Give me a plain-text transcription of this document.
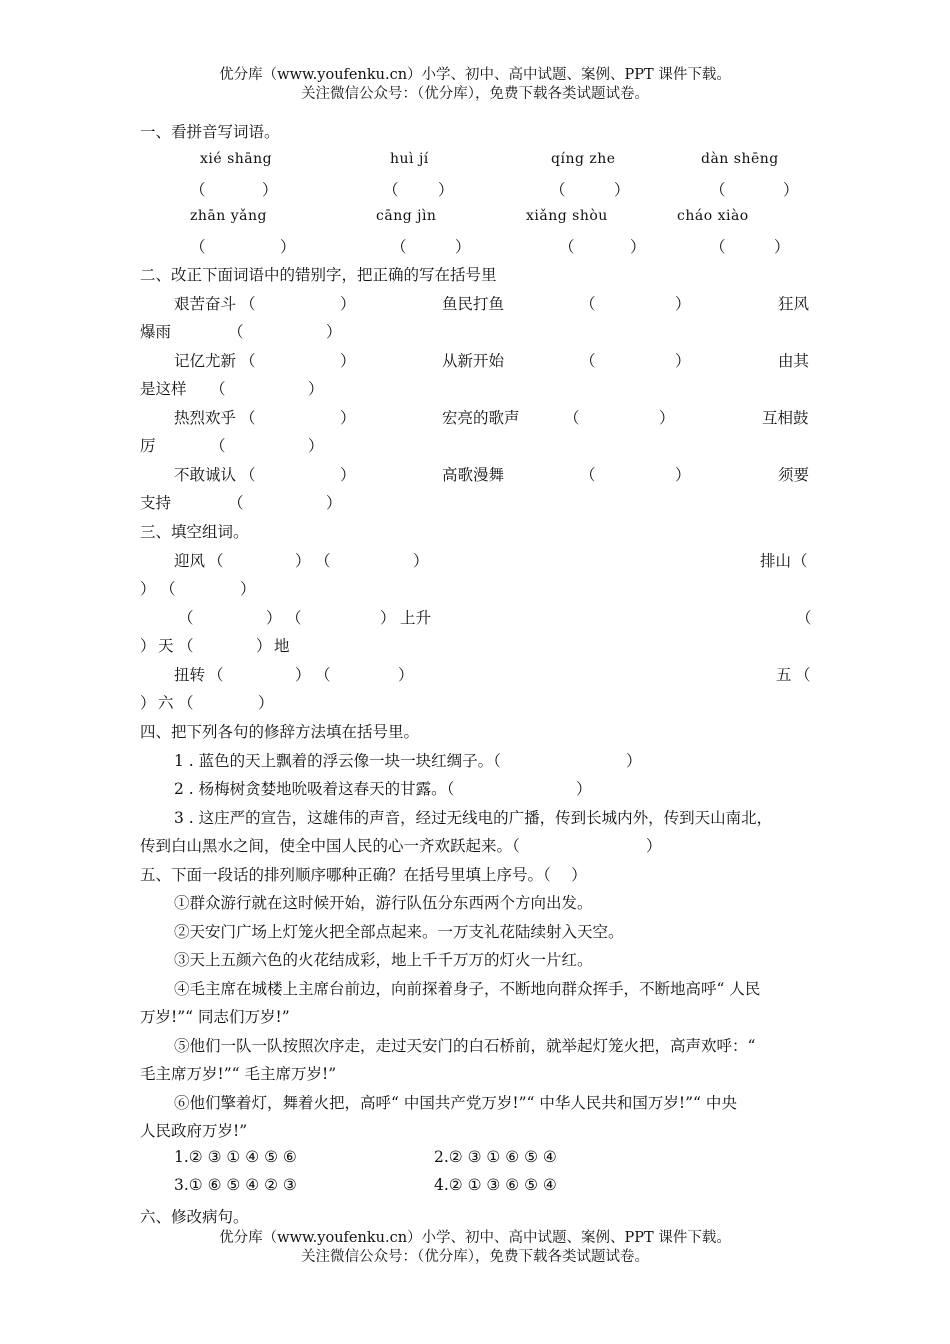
优分库（www.youfenku.cn）小学、初中、高中试题、案例、PPT 课件下载。
关注微信公众号：（优分库），免费下载各类试题试卷。
一、看拼音写词语。
xié shāng	huì jí	qíng zhe	dàn shēng
（	）	（	）	（	）	（	）
zhān yǎng	cāng jìn	xiǎng shòu	cháo xiào
（	）	（	）	（	）	（	）
二、改正下面词语中的错别字，把正确的写在括号里
艰苦奋斗 （	）	鱼民打鱼	（	）	狂风
爆雨	（	）
记亿尤新 （	）	从新开始	（	）	由其
是这样 （	）
热烈欢乎 （	）	宏亮的歌声	（	）	互相鼓
厉	（	）
不敢诚认 （	）	高歌漫舞	（	）	须要
支持	（	）
三、填空组词。
迎风 （	） （	）	排山 （
） （	）
（	） （	） 上升	（
） 天 （	） 地
扭转 （	） （	）	五 （
） 六 （	）
四、把下列各句的修辞方法填在括号里。
1 . 蓝色的天上飘着的浮云像一块一块红绸子。（	）
2 . 杨梅树贪婪地吮吸着这春天的甘露。（	）
3 . 这庄严的宣告，这雄伟的声音，经过无线电的广播，传到长城内外，传到天山南北，
传到白山黑水之间，使全中国人民的心一齐欢跃起来。（	）
五、下面一段话的排列顺序哪种正确？在括号里填上序号。（　 ）
①群众游行就在这时候开始，游行队伍分东西两个方向出发。
②天安门广场上灯笼火把全部点起来。一万支礼花陆续射入天空。
③天上五颜六色的火花结成彩，地上千千万万的灯火一片红。
④毛主席在城楼上主席台前边，向前探着身子，不断地向群众挥手，不断地高呼“ 人民
万岁!”“ 同志们万岁!”
⑤他们一队一队按照次序走，走过天安门的白石桥前，就举起灯笼火把，高声欢呼：“
毛主席万岁!”“ 毛主席万岁!”
⑥他们擎着灯，舞着火把，高呼“ 中国共产党万岁!”“ 中华人民共和国万岁!”“ 中央
人民政府万岁!”
1.② ③ ① ④ ⑤ ⑥	2.② ③ ① ⑥ ⑤ ④
3.① ⑥ ⑤ ④ ② ③	4.② ① ③ ⑥ ⑤ ④
六、修改病句。
优分库（www.youfenku.cn）小学、初中、高中试题、案例、PPT 课件下载。
关注微信公众号：（优分库），免费下载各类试题试卷。
